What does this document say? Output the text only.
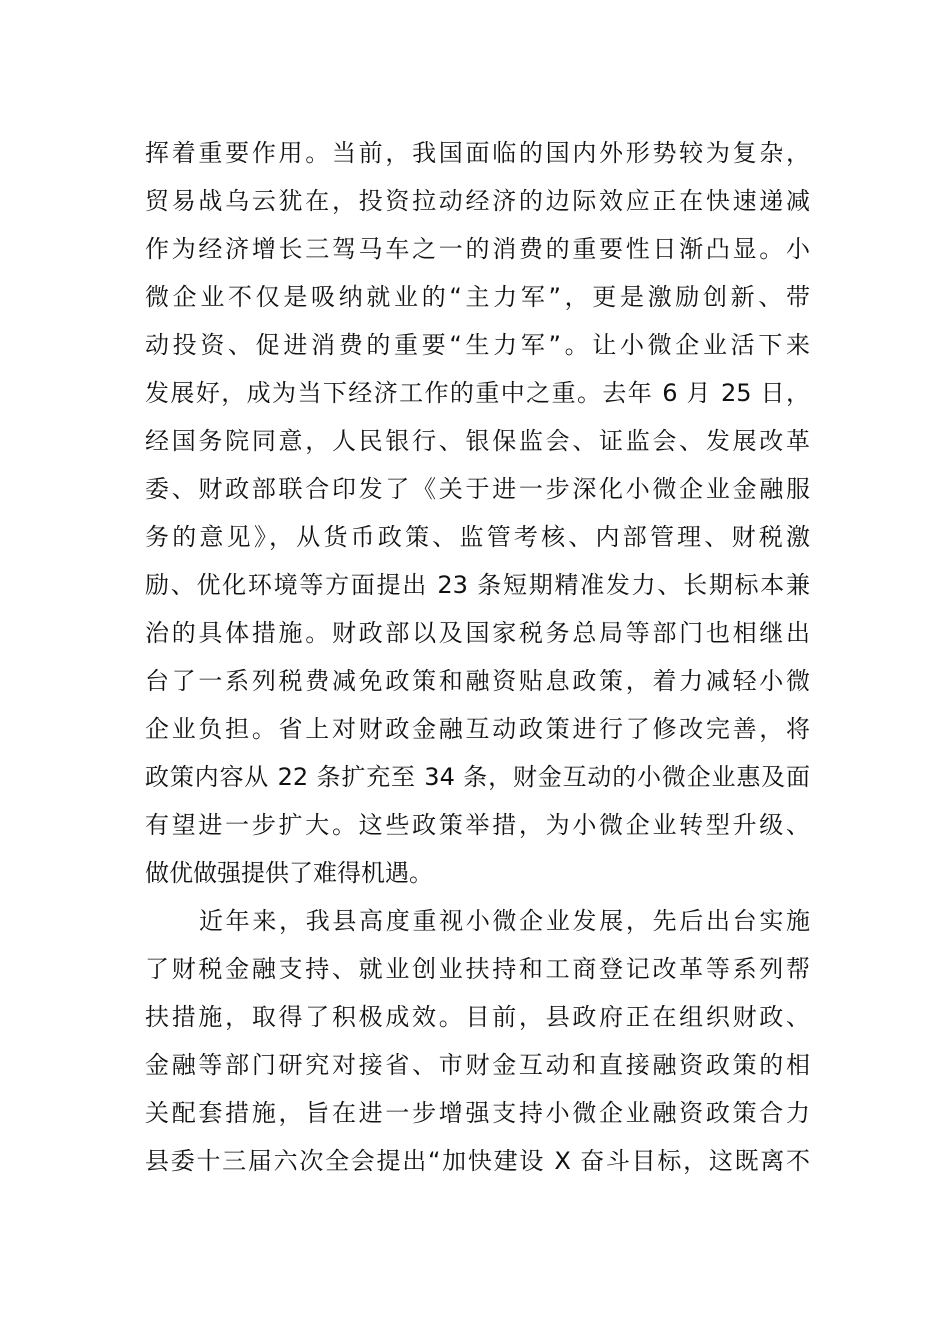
挥着重要作用。当前，我国面临的国内外形势较为复杂，
贸易战乌云犹在，投资拉动经济的边际效应正在快速递减
作为经济增长三驾马车之一的消费的重要性日渐凸显。小
微企业不仅是吸纳就业的“主力军”，更是激励创新、带
动投资、促进消费的重要“生力军”。让小微企业活下来
发展好，成为当下经济工作的重中之重。去年 6 月 25 日，
经国务院同意，人民银行、银保监会、证监会、发展改革
委、财政部联合印发了《关于进一步深化小微企业金融服
务的意见》，从货币政策、监管考核、内部管理、财税激
励、优化环境等方面提出 23 条短期精准发力、长期标本兼
治的具体措施。财政部以及国家税务总局等部门也相继出
台了一系列税费减免政策和融资贴息政策，着力减轻小微
企业负担。省上对财政金融互动政策进行了修改完善，将
政策内容从 22 条扩充至 34 条，财金互动的小微企业惠及面
有望进一步扩大。这些政策举措，为小微企业转型升级、
做优做强提供了难得机遇。
近年来，我县高度重视小微企业发展，先后出台实施
了财税金融支持、就业创业扶持和工商登记改革等系列帮
扶措施，取得了积极成效。目前，县政府正在组织财政、
金融等部门研究对接省、市财金互动和直接融资政策的相
关配套措施，旨在进一步增强支持小微企业融资政策合力
县委十三届六次全会提出“加快建设 X 奋斗目标，这既离不
